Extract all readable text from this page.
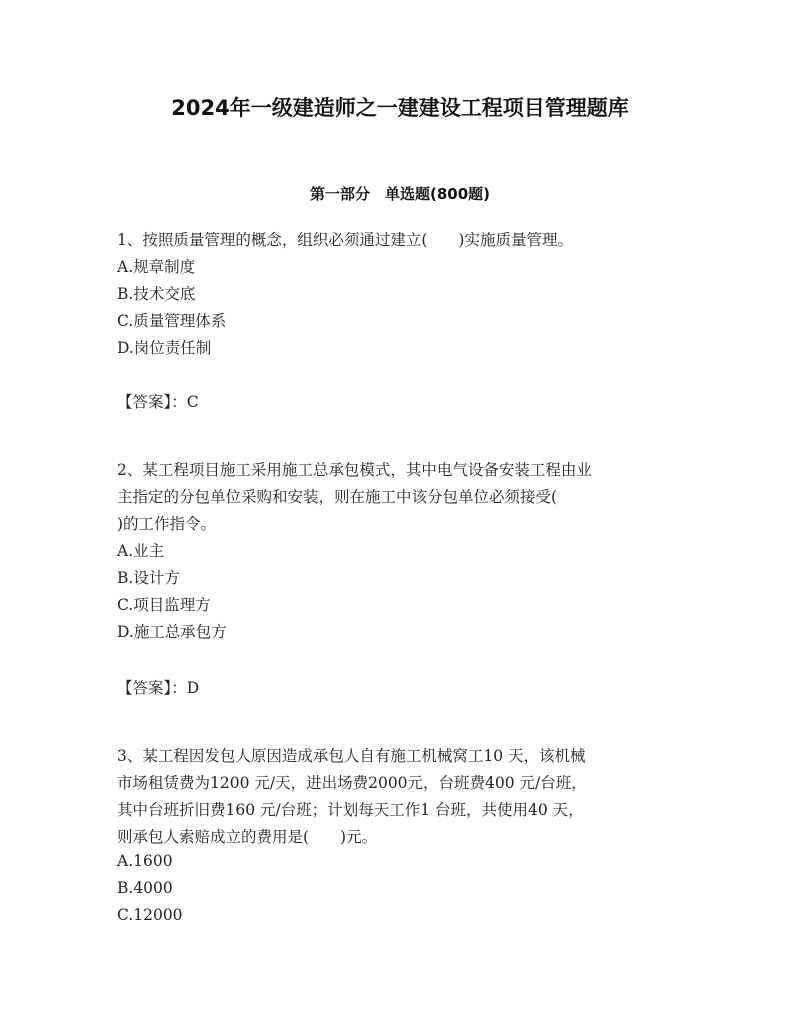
2024年一级建造师之一建建设工程项目管理题库
第一部分　单选题(800题)
1、按照质量管理的概念，组织必须通过建立(　　)实施质量管理。
A.规章制度
B.技术交底
C.质量管理体系
D.岗位责任制
【答案】：C
2、某工程项目施工采用施工总承包模式，其中电气设备安装工程由业
主指定的分包单位采购和安装，则在施工中该分包单位必须接受(
)的工作指令。
A.业主
B.设计方
C.项目监理方
D.施工总承包方
【答案】：D
3、某工程因发包人原因造成承包人自有施工机械窝工10 天，该机械
市场租赁费为1200 元/天，进出场费2000元，台班费400 元/台班，
其中台班折旧费160 元/台班；计划每天工作1 台班，共使用40 天，
则承包人索赔成立的费用是(　　)元。
A.1600
B.4000
C.12000
